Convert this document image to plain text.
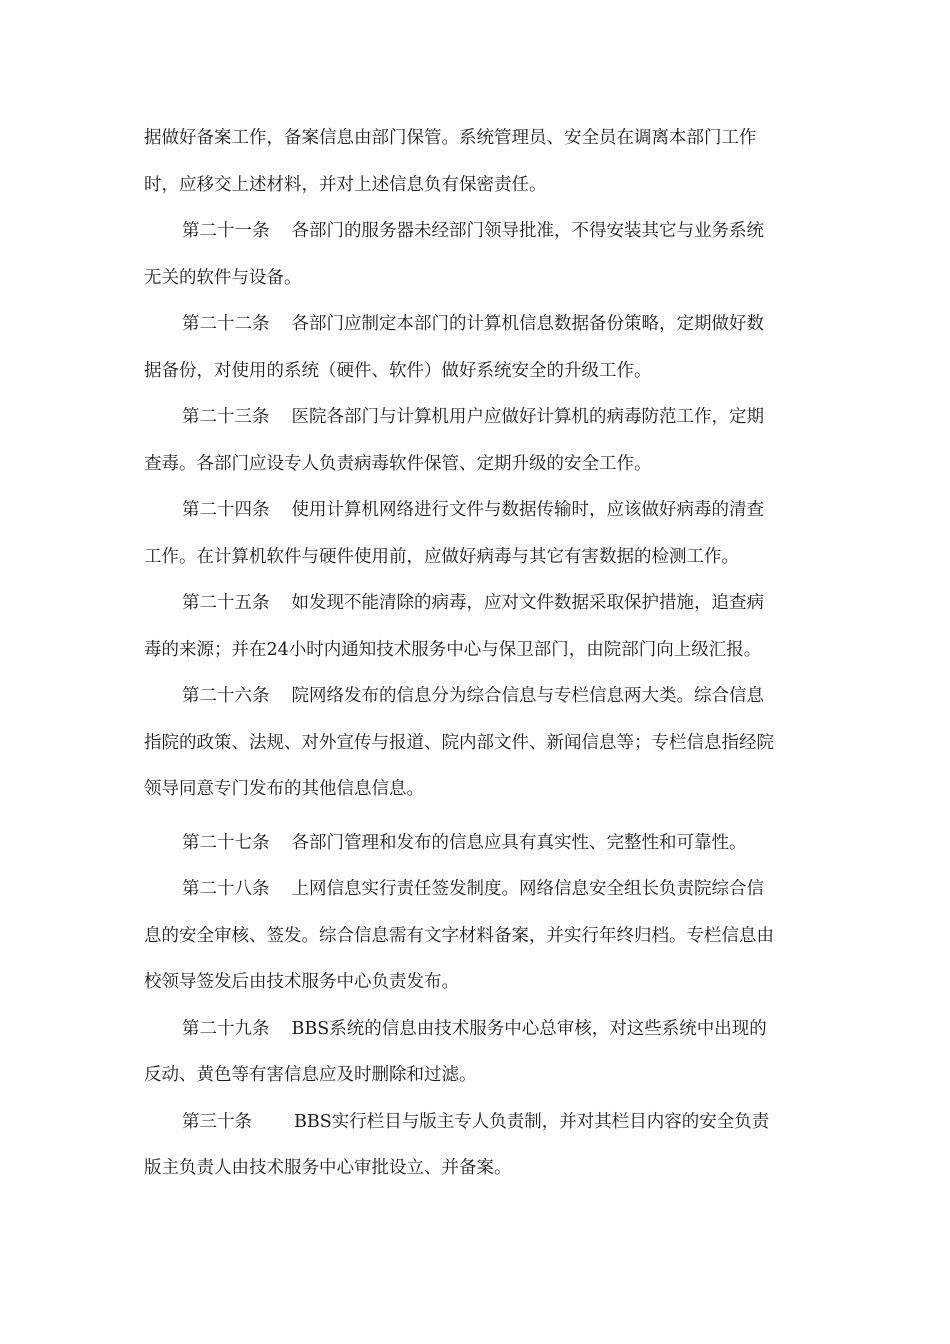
据做好备案工作，备案信息由部门保管。系统管理员、安全员在调离本部门工作
时，应移交上述材料，并对上述信息负有保密责任。
第二十一条 各部门的服务器未经部门领导批准，不得安装其它与业务系统
无关的软件与设备。
第二十二条 各部门应制定本部门的计算机信息数据备份策略，定期做好数
据备份，对使用的系统（硬件、软件）做好系统安全的升级工作。
第二十三条 医院各部门与计算机用户应做好计算机的病毒防范工作，定期
查毒。各部门应设专人负责病毒软件保管、定期升级的安全工作。
第二十四条 使用计算机网络进行文件与数据传输时，应该做好病毒的清查
工作。在计算机软件与硬件使用前，应做好病毒与其它有害数据的检测工作。
第二十五条 如发现不能清除的病毒，应对文件数据采取保护措施，追查病
毒的来源；并在24小时内通知技术服务中心与保卫部门，由院部门向上级汇报。
第二十六条 院网络发布的信息分为综合信息与专栏信息两大类。综合信息
指院的政策、法规、对外宣传与报道、院内部文件、新闻信息等；专栏信息指经院
领导同意专门发布的其他信息信息。
第二十七条 各部门管理和发布的信息应具有真实性、完整性和可靠性。
第二十八条 上网信息实行责任签发制度。网络信息安全组长负责院综合信
息的安全审核、签发。综合信息需有文字材料备案，并实行年终归档。专栏信息由
校领导签发后由技术服务中心负责发布。
第二十九条 BBS系统的信息由技术服务中心总审核，对这些系统中出现的
反动、黄色等有害信息应及时删除和过滤。
第三十条 BBS实行栏目与版主专人负责制，并对其栏目内容的安全负责
版主负责人由技术服务中心审批设立、并备案。
